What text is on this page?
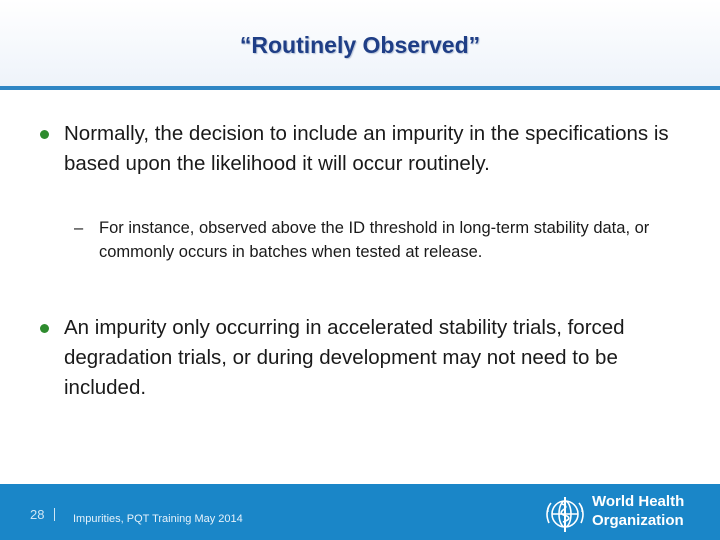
“Routinely Observed”
Normally, the decision to include an impurity in the specifications is based upon the likelihood it will occur routinely.
– For instance, observed above the ID threshold in long-term stability data, or commonly occurs in batches when tested at release.
An impurity only occurring in accelerated stability trials, forced degradation trials, or during development may not need to be included.
28	Impurities, PQT Training May 2014
World Health
Organization
